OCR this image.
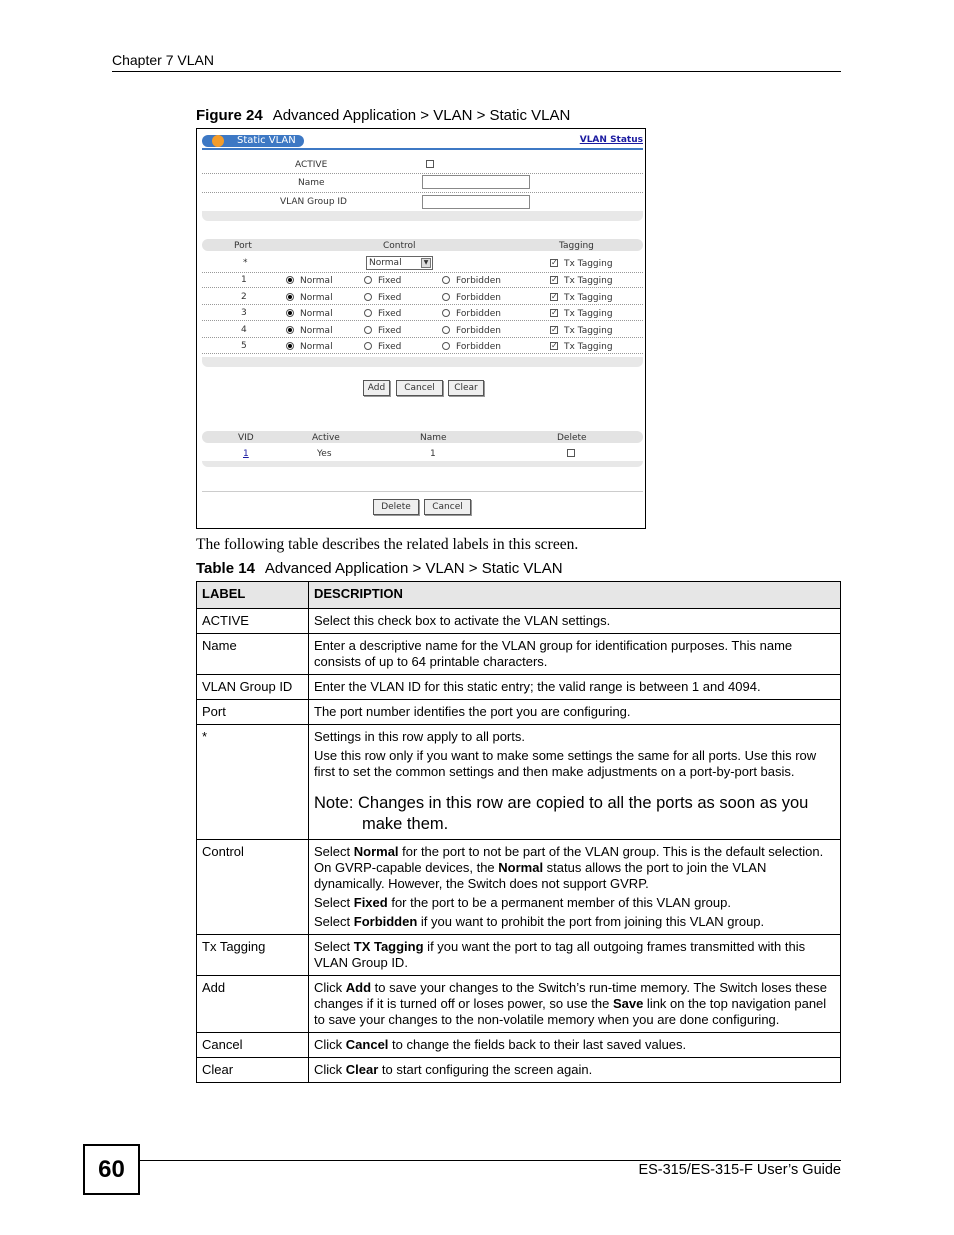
Chapter 7 VLAN
Figure 24 Advanced Application > VLAN > Static VLAN
Static VLAN	VLAN Status
ACTIVE
Name
VLAN Group ID
Port	Control	Tagging
*	Normal	▼	✓ Tx Tagging
1	Normal	Fixed	Forbidden	✓ Tx Tagging
2	Normal	Fixed	Forbidden	✓ Tx Tagging
3	Normal	Fixed	Forbidden	✓ Tx Tagging
4	Normal	Fixed	Forbidden	✓ Tx Tagging
5	Normal	Fixed	Forbidden	✓ Tx Tagging
Add	Cancel	Clear
VID	Active	Name	Delete
1	Yes	1
Delete	Cancel
The following table describes the related labels in this screen.
Table 14 Advanced Application > VLAN > Static VLAN
LABEL	DESCRIPTION
ACTIVE	Select this check box to activate the VLAN settings.
Name	Enter a descriptive name for the VLAN group for identification purposes. This name consists of up to 64 printable characters.
VLAN Group ID	Enter the VLAN ID for this static entry; the valid range is between 1 and 4094.
Port	The port number identifies the port you are configuring.
*	Settings in this row apply to all ports.

Use this row only if you want to make some settings the same for all ports. Use this row first to set the common settings and then make adjustments on a port-by-port basis.

Note: Changes in this row are copied to all the ports as soon as you
make them.

Control	Select Normal for the port to not be part of the VLAN group. This is the default selection. On GVRP-capable devices, the Normal status allows the port to join the VLAN dynamically. However, the Switch does not support GVRP.

Select Fixed for the port to be a permanent member of this VLAN group.

Select Forbidden if you want to prohibit the port from joining this VLAN group.

Tx Tagging	Select TX Tagging if you want the port to tag all outgoing frames transmitted with this VLAN Group ID.
Add	Click Add to save your changes to the Switch’s run-time memory. The Switch loses these changes if it is turned off or loses power, so use the Save link on the top navigation panel to save your changes to the non-volatile memory when you are done configuring.
Cancel	Click Cancel to change the fields back to their last saved values.
Clear	Click Clear to start configuring the screen again.
60	ES-315/ES-315-F User’s Guide
